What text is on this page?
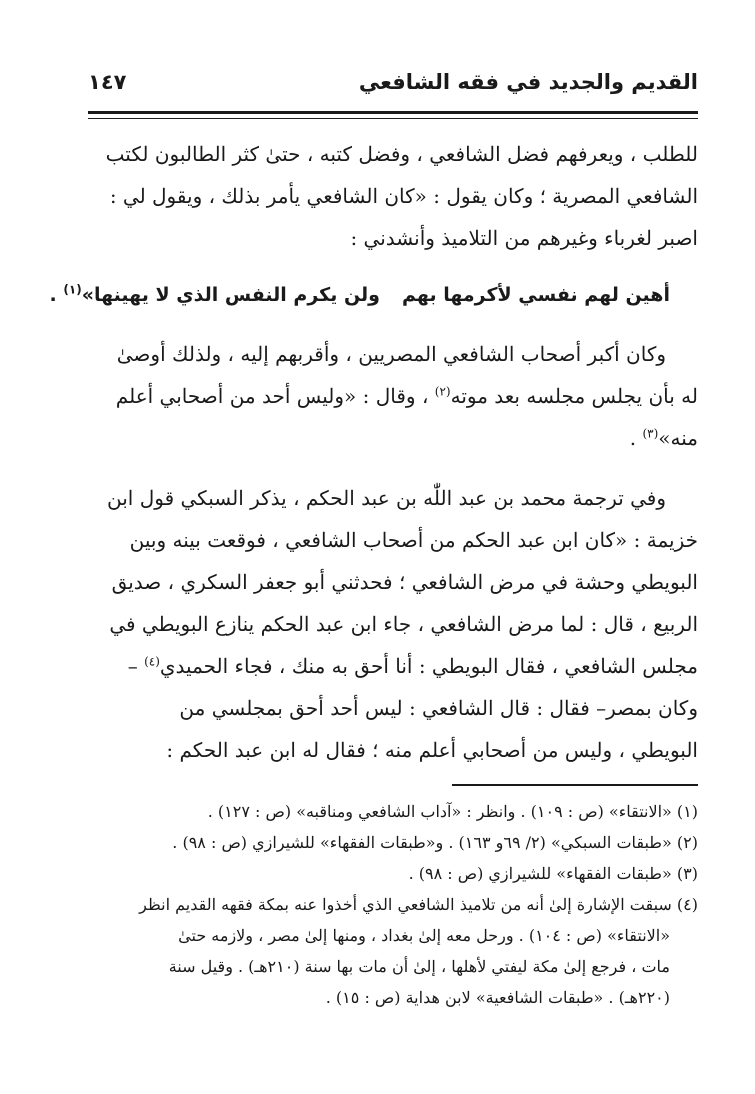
القديم والجديد في فقه الشافعي
١٤٧

للطلب ، ويعرفهم فضل الشافعي ، وفضل كتبه ، حتىٰ كثر الطالبون لكتب

الشافعي المصرية ؛ وكان يقول : «كان الشافعي يأمر بذلك ، ويقول لي :

اصبر لغرباء وغيرهم من التلاميذ وأنشدني :

أهين لهم نفسي لأكرمها بهم
ولن يكرم النفس الذي لا يهينها»$^{(١)}$ .

وكان أكبر أصحاب الشافعي المصريين ، وأقربهم إليه ، ولذلك أوصىٰ

له بأن يجلس مجلسه بعد موته$^{(٢)}$ ، وقال : «وليس أحد من أصحابي أعلم

منه»$^{(٣)}$ .

وفي ترجمة محمد بن عبد اللّٰه بن عبد الحكم ، يذكر السبكي قول ابن

خزيمة : «كان ابن عبد الحكم من أصحاب الشافعي ، فوقعت بينه وبين

البويطي وحشة في مرض الشافعي ؛ فحدثني أبو جعفر السكري ، صديق

الربيع ، قال : لما مرض الشافعي ، جاء ابن عبد الحكم ينازع البويطي في

مجلس الشافعي ، فقال البويطي : أنا أحق به منك ، فجاء الحميدي$^{(٤)}$ –

وكان بمصر– فقال : قال الشافعي : ليس أحد أحق بمجلسي من

البويطي ، وليس من أصحابي أعلم منه ؛ فقال له ابن عبد الحكم :

(١) «الانتقاء» (ص : ١٠٩) . وانظر : «آداب الشافعي ومناقبه» (ص : ١٢٧) .

(٢) «طبقات السبكي» (٢/ ٦٩و ١٦٣) . و«طبقات الفقهاء» للشيرازي (ص : ٩٨) .

(٣) «طبقات الفقهاء» للشيرازي (ص : ٩٨) .

(٤) سبقت الإشارة إلىٰ أنه من تلاميذ الشافعي الذي أخذوا عنه بمكة فقهه القديم انظر

«الانتقاء» (ص : ١٠٤) . ورحل معه إلىٰ بغداد ، ومنها إلىٰ مصر ، ولازمه حتىٰ

مات ، فرجع إلىٰ مكة ليفتي لأهلها ، إلىٰ أن مات بها سنة (٢١٠هـ) . وقيل سنة

(٢٢٠هـ) . «طبقات الشافعية» لابن هداية (ص : ١٥) .
